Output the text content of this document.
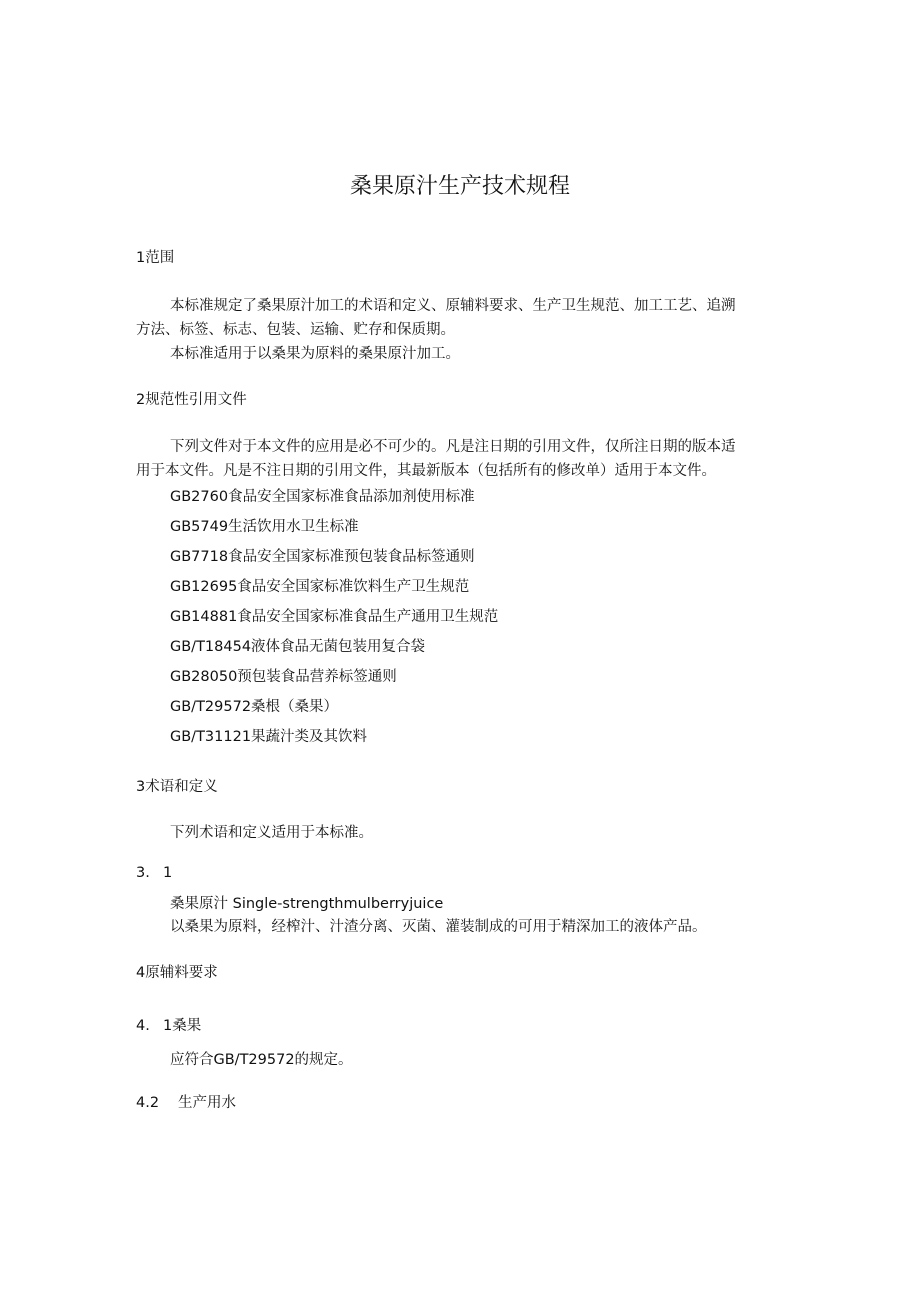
桑果原汁生产技术规程
1范围
本标准规定了桑果原汁加工的术语和定义、原辅料要求、生产卫生规范、加工工艺、追溯
方法、标签、标志、包装、运输、贮存和保质期。
本标准适用于以桑果为原料的桑果原汁加工。
2规范性引用文件
下列文件对于本文件的应用是必不可少的。凡是注日期的引用文件，仅所注日期的版本适
用于本文件。凡是不注日期的引用文件，其最新版本（包括所有的修改单）适用于本文件。
GB2760食品安全国家标准食品添加剂使用标准
GB5749生活饮用水卫生标准
GB7718食品安全国家标准预包装食品标签通则
GB12695食品安全国家标准饮料生产卫生规范
GB14881食品安全国家标准食品生产通用卫生规范
GB/T18454液体食品无菌包装用复合袋
GB28050预包装食品营养标签通则
GB/T29572桑根（桑果）
GB/T31121果蔬汁类及其饮料
3术语和定义
下列术语和定义适用于本标准。
3. 1
桑果原汁 Single-strengthmulberryjuice
以桑果为原料，经榨汁、汁渣分离、灭菌、灌装制成的可用于精深加工的液体产品。
4原辅料要求
4. 1桑果
应符合GB/T29572的规定。
4.2 生产用水
